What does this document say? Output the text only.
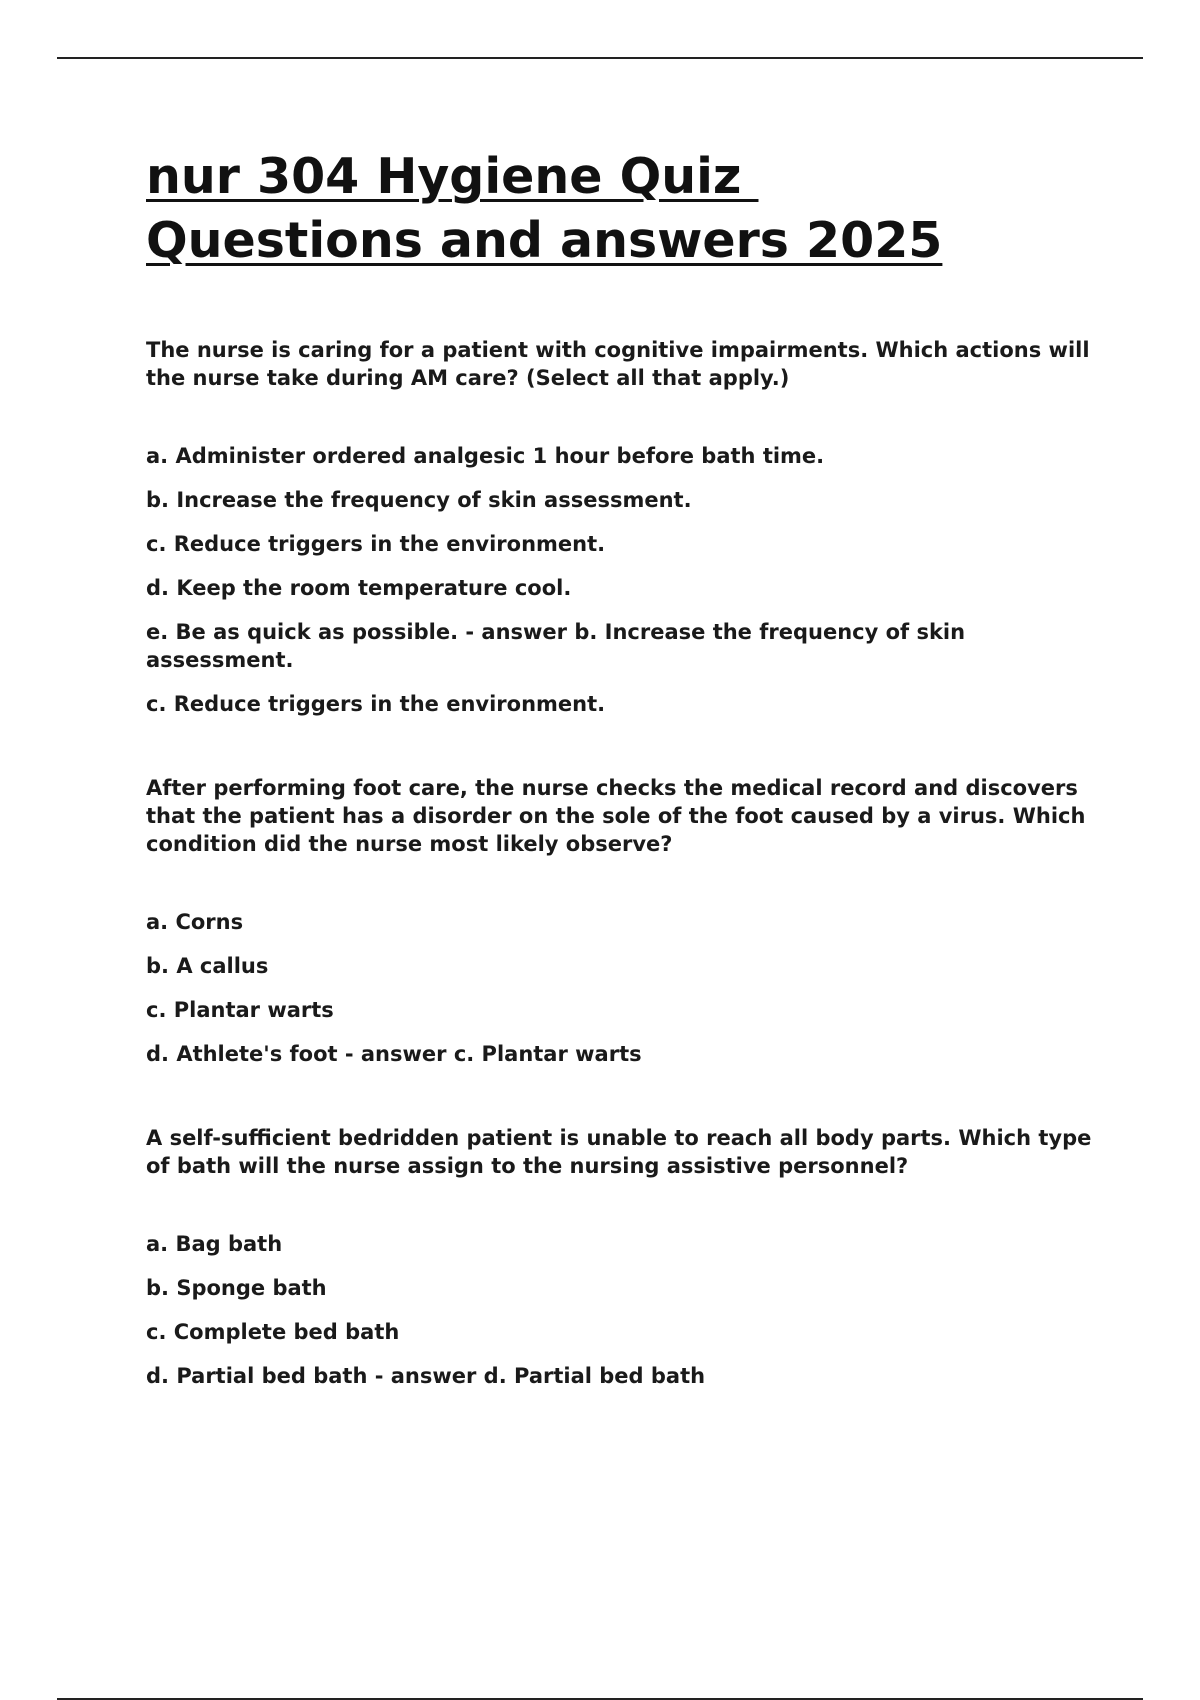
nur 304 Hygiene Quiz
Questions and answers 2025

The nurse is caring for a patient with cognitive impairments. Which actions will the nurse take during AM care? (Select all that apply.)

a. Administer ordered analgesic 1 hour before bath time.
b. Increase the frequency of skin assessment.
c. Reduce triggers in the environment.
d. Keep the room temperature cool.
e. Be as quick as possible. - answer b. Increase the frequency of skin assessment.
c. Reduce triggers in the environment.

After performing foot care, the nurse checks the medical record and discovers that the patient has a disorder on the sole of the foot caused by a virus. Which condition did the nurse most likely observe?

a. Corns
b. A callus
c. Plantar warts
d. Athlete's foot - answer c. Plantar warts

A self-sufficient bedridden patient is unable to reach all body parts. Which type of bath will the nurse assign to the nursing assistive personnel?

a. Bag bath
b. Sponge bath
c. Complete bed bath
d. Partial bed bath - answer d. Partial bed bath
